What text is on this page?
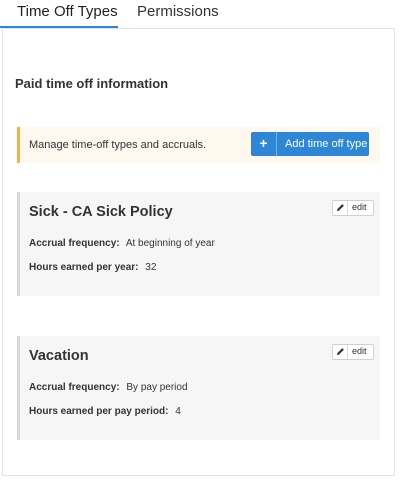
Time Off Types Permissions
Paid time off information
Manage time-off types and accruals.	+	Add time off type
Sick - CA Sick Policy	edit
Accrual frequency: At beginning of year
Hours earned per year: 32
Vacation	edit
Accrual frequency: By pay period
Hours earned per pay period: 4
